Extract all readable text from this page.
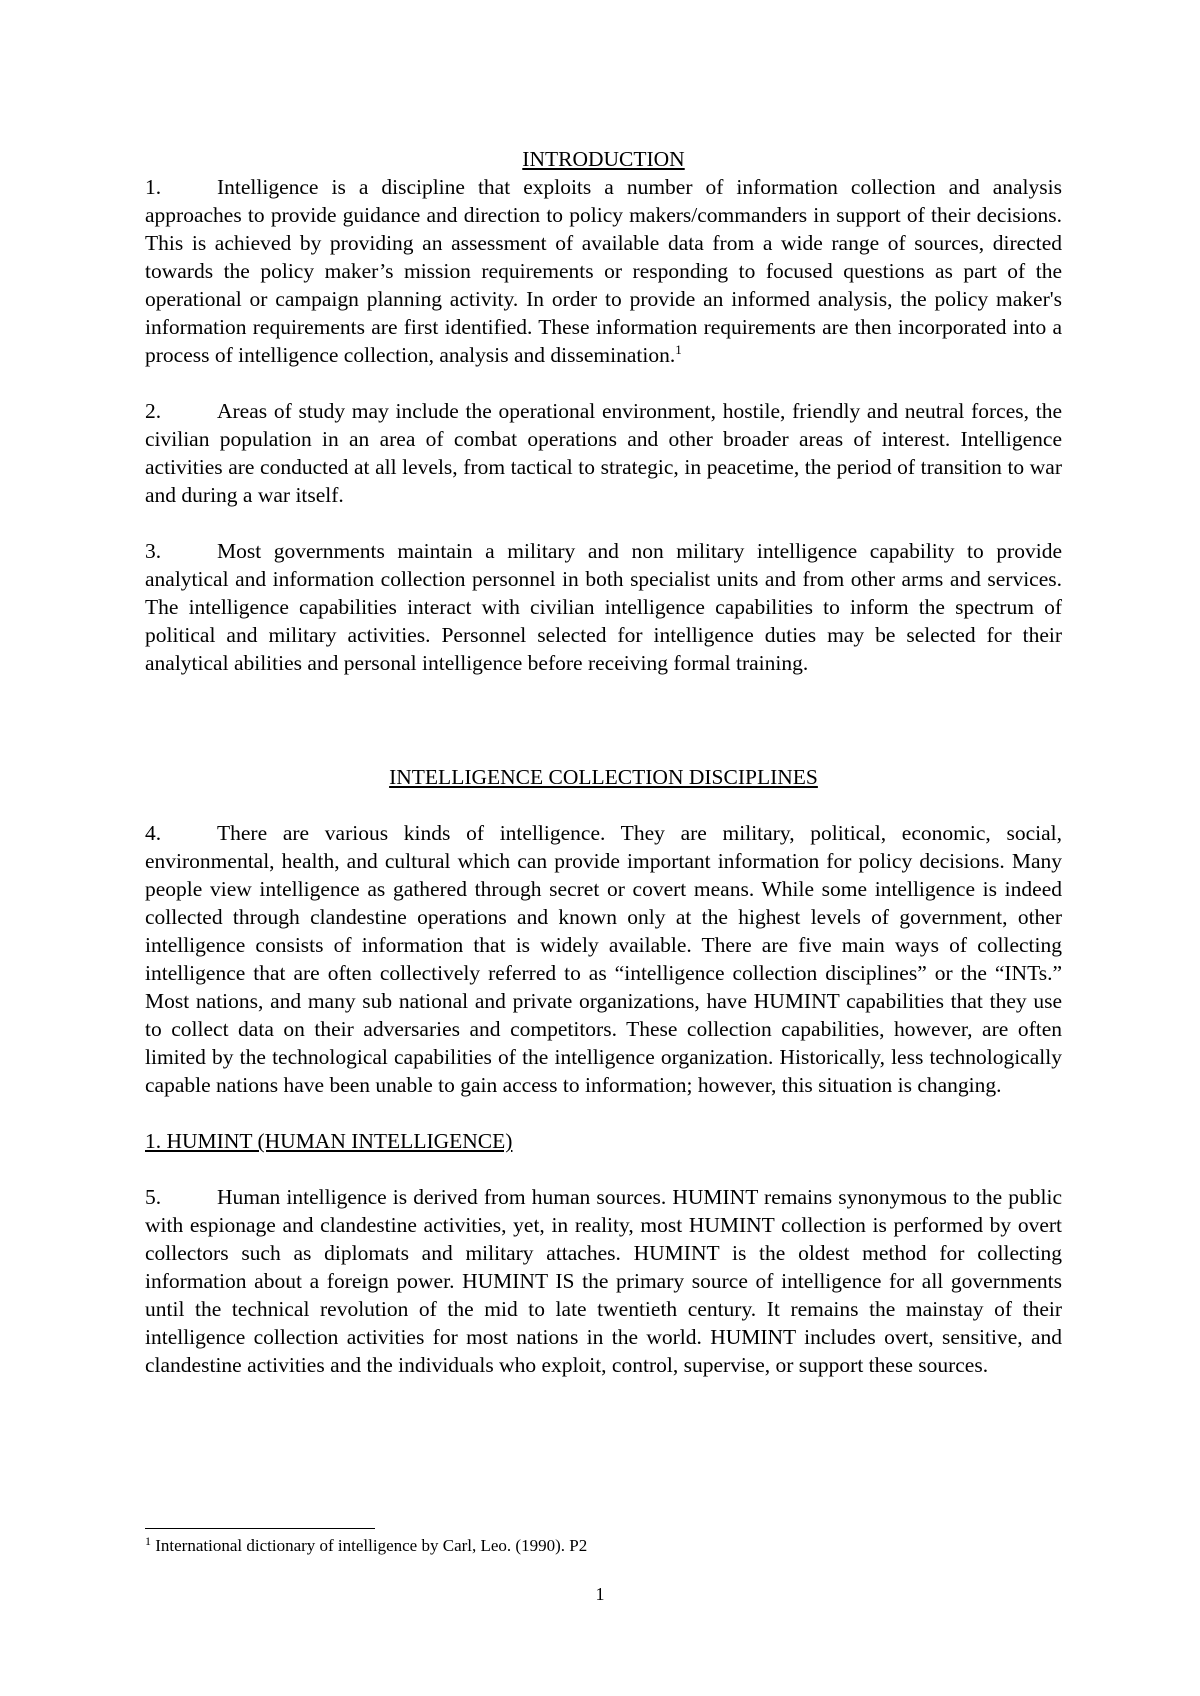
INTRODUCTION

1.	Intelligence is a discipline that exploits a number of information collection and analysis approaches to provide guidance and direction to policy makers/commanders in support of their decisions. This is achieved by providing an assessment of available data from a wide range of sources, directed towards the policy maker’s mission requirements or responding to focused questions as part of the operational or campaign planning activity. In order to provide an informed analysis, the policy maker's information requirements are first identified. These information requirements are then incorporated into a process of intelligence collection, analysis and dissemination.$^1$

2.	Areas of study may include the operational environment, hostile, friendly and neutral forces, the civilian population in an area of combat operations and other broader areas of interest. Intelligence activities are conducted at all levels, from tactical to strategic, in peacetime, the period of transition to war and during a war itself.

3.	Most governments maintain a military and non military intelligence capability to provide analytical and information collection personnel in both specialist units and from other arms and services. The intelligence capabilities interact with civilian intelligence capabilities to inform the spectrum of political and military activities. Personnel selected for intelligence duties may be selected for their analytical abilities and personal intelligence before receiving formal training.

INTELLIGENCE COLLECTION DISCIPLINES

4.	There are various kinds of intelligence. They are military, political, economic, social, environmental, health, and cultural which can provide important information for policy decisions. Many people view intelligence as gathered through secret or covert means. While some intelligence is indeed collected through clandestine operations and known only at the highest levels of government, other intelligence consists of information that is widely available. There are five main ways of collecting intelligence that are often collectively referred to as “intelligence collection disciplines” or the “INTs.” Most nations, and many sub national and private organizations, have HUMINT capabilities that they use to collect data on their adversaries and competitors. These collection capabilities, however, are often limited by the technological capabilities of the intelligence organization. Historically, less technologically capable nations have been unable to gain access to information; however, this situation is changing.

1. HUMINT (HUMAN INTELLIGENCE)

5.	Human intelligence is derived from human sources. HUMINT remains synonymous to the public with espionage and clandestine activities, yet, in reality, most HUMINT collection is performed by overt collectors such as diplomats and military attaches. HUMINT is the oldest method for collecting information about a foreign power. HUMINT IS the primary source of intelligence for all governments until the technical revolution of the mid to late twentieth century. It remains the mainstay of their intelligence collection activities for most nations in the world. HUMINT includes overt, sensitive, and clandestine activities and the individuals who exploit, control, supervise, or support these sources.

$^1$ International dictionary of intelligence by Carl, Leo. (1990). P2
1
